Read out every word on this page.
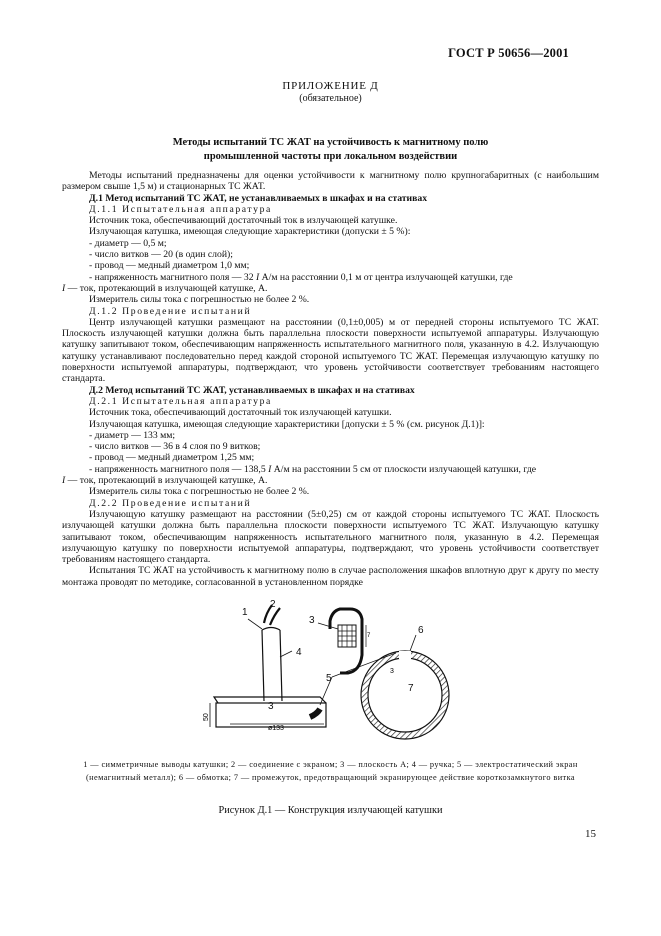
ГОСТ Р 50656—2001
ПРИЛОЖЕНИЕ Д
(обязательное)
Методы испытаний ТС ЖАТ на устойчивость к магнитному полю
промышленной частоты при локальном воздействии

Методы испытаний предназначены для оценки устойчивости к магнитному полю крупногабаритных (с наибольшим размером свыше 1,5 м) и стационарных ТС ЖАТ.

Д.1 Метод испытаний ТС ЖАТ, не устанавливаемых в шкафах и на стативах

Д.1.1 Испытательная аппаратура

Источник тока, обеспечивающий достаточный ток в излучающей катушке.

Излучающая катушка, имеющая следующие характеристики (допуски ± 5 %):

- диаметр — 0,5 м;

- число витков — 20 (в один слой);

- провод — медный диаметром 1,0 мм;

- напряженность магнитного поля — 32 I А/м на расстоянии 0,1 м от центра излучающей катушки, где

I — ток, протекающий в излучающей катушке, А.

Измеритель силы тока с погрешностью не более 2 %.

Д.1.2 Проведение испытаний

Центр излучающей катушки размещают на расстоянии (0,1±0,005) м от передней стороны испытуемого ТС ЖАТ. Плоскость излучающей катушки должна быть параллельна плоскости поверхности испытуемой аппаратуры. Излучающую катушку запитывают током, обеспечивающим напряженность испытательного магнитного поля, указанную в 4.2. Излучающую катушку устанавливают последовательно перед каждой стороной испытуемого ТС ЖАТ. Перемещая излучающую катушку по поверхности испытуемой аппаратуры, подтверждают, что уровень устойчивости соответствует требованиям настоящего стандарта.

Д.2 Метод испытаний ТС ЖАТ, устанавливаемых в шкафах и на стативах

Д.2.1 Испытательная аппаратура

Источник тока, обеспечивающий достаточный ток излучающей катушки.

Излучающая катушка, имеющая следующие характеристики [допуски ± 5 % (см. рисунок Д.1)]:

- диаметр — 133 мм;

- число витков — 36 в 4 слоя по 9 витков;

- провод — медный диаметром 1,25 мм;

- напряженность магнитного поля — 138,5 I А/м на расстоянии 5 см от плоскости излучающей катушки, где

I — ток, протекающий в излучающей катушке, А.

Измеритель силы тока с погрешностью не более 2 %.

Д.2.2 Проведение испытаний

Излучающую катушку размещают на расстоянии (5±0,25) см от каждой стороны испытуемого ТС ЖАТ. Плоскость излучающей катушки должна быть параллельна плоскости поверхности испытуемого ТС ЖАТ. Излучающую катушку запитывают током, обеспечивающим напряженность испытательного магнитного поля, указанную в 4.2. Перемещая излучающую катушку по поверхности испытуемой аппаратуры, подтверждают, что уровень устойчивости соответствует требованиям настоящего стандарта.

Испытания ТС ЖАТ на устойчивость к магнитному полю в случае расположения шкафов вплотную друг к другу по месту монтажа проводят по методике, согласованной в установленном порядке

1
2
3
4
3
5
6
7
ø133
50
3
7
1 — симметричные выводы катушки; 2 — соединение с экраном; 3 — плоскость А; 4 — ручка; 5 — электростатический экран (немагнитный металл); 6 — обмотка; 7 — промежуток, предотвращающий экранирующее действие короткозамкнутого витка
Рисунок Д.1 — Конструкция излучающей катушки
15
